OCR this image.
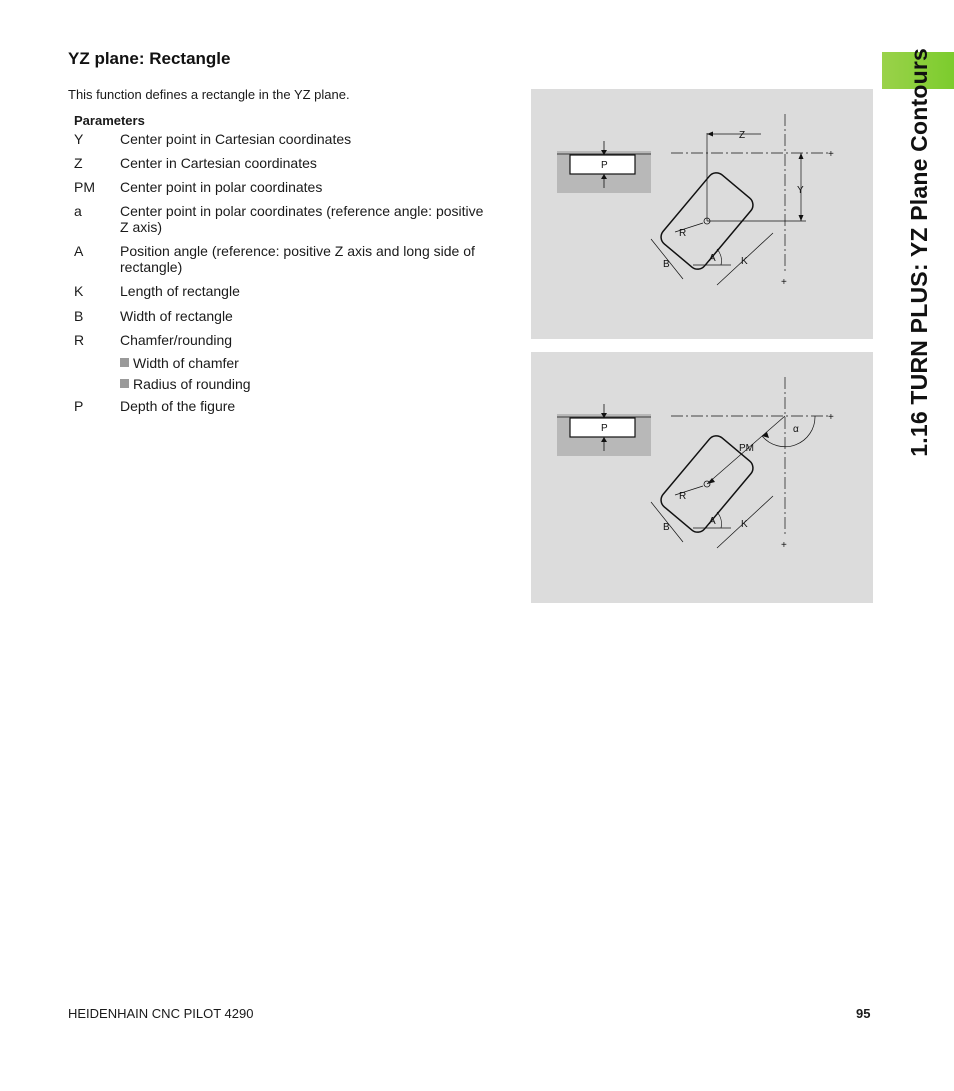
YZ plane: Rectangle

This function defines a rectangle in the YZ plane.

Parameters
Y	Center point in Cartesian coordinates
Z	Center in Cartesian coordinates
PM	Center point in polar coordinates
a	Center point in polar coordinates (reference angle: positive Z axis)
A	Position angle (reference: positive Z axis and long side of rectangle)
K	Length of rectangle
B	Width of rectangle
R	Chamfer/rounding
Width of chamfer
Radius of rounding
P	Depth of the figure
P
+
+
Z
Y
R
A
B	K
P
+
+
PM
α
R
A
B	K
1.16 TURN PLUS: YZ Plane Contours
HEIDENHAIN CNC PILOT 4290	95
